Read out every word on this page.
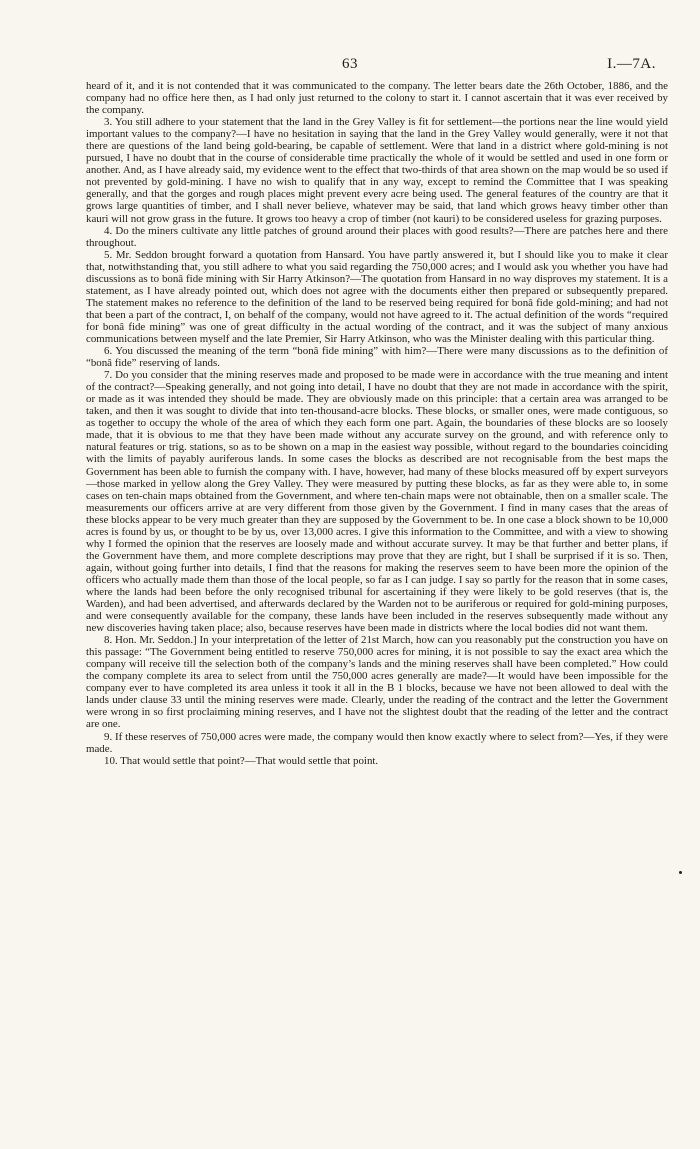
63	I.—7A.

heard of it, and it is not contended that it was communicated to the company. The letter bears date the 26th October, 1886, and the company had no office here then, as I had only just returned to the colony to start it. I cannot ascertain that it was ever received by the company.

3. You still adhere to your statement that the land in the Grey Valley is fit for settlement—the portions near the line would yield important values to the company?—I have no hesitation in saying that the land in the Grey Valley would generally, were it not that there are questions of the land being gold-bearing, be capable of settlement. Were that land in a district where gold-mining is not pursued, I have no doubt that in the course of considerable time practically the whole of it would be settled and used in one form or another. And, as I have already said, my evidence went to the effect that two-thirds of that area shown on the map would be so used if not prevented by gold-mining. I have no wish to qualify that in any way, except to remind the Committee that I was speaking generally, and that the gorges and rough places might prevent every acre being used. The general features of the country are that it grows large quantities of timber, and I shall never believe, whatever may be said, that land which grows heavy timber other than kauri will not grow grass in the future. It grows too heavy a crop of timber (not kauri) to be considered useless for grazing purposes.

4. Do the miners cultivate any little patches of ground around their places with good results?—There are patches here and there throughout.

5. Mr. Seddon brought forward a quotation from Hansard. You have partly answered it, but I should like you to make it clear that, notwithstanding that, you still adhere to what you said regarding the 750,000 acres; and I would ask you whether you have had discussions as to bonâ fide mining with Sir Harry Atkinson?—The quotation from Hansard in no way disproves my statement. It is a statement, as I have already pointed out, which does not agree with the documents either then prepared or subsequently prepared. The statement makes no reference to the definition of the land to be reserved being required for bonâ fide gold-mining; and had not that been a part of the contract, I, on behalf of the company, would not have agreed to it. The actual definition of the words “required for bonâ fide mining” was one of great difficulty in the actual wording of the contract, and it was the subject of many anxious communications between myself and the late Premier, Sir Harry Atkinson, who was the Minister dealing with this particular thing.

6. You discussed the meaning of the term “bonâ fide mining” with him?—There were many discussions as to the definition of “bonâ fide” reserving of lands.

7. Do you consider that the mining reserves made and proposed to be made were in accordance with the true meaning and intent of the contract?—Speaking generally, and not going into detail, I have no doubt that they are not made in accordance with the spirit, or made as it was intended they should be made. They are obviously made on this principle: that a certain area was arranged to be taken, and then it was sought to divide that into ten-thousand-acre blocks. These blocks, or smaller ones, were made contiguous, so as together to occupy the whole of the area of which they each form one part. Again, the boundaries of these blocks are so loosely made, that it is obvious to me that they have been made without any accurate survey on the ground, and with reference only to natural features or trig. stations, so as to be shown on a map in the easiest way possible, without regard to the boundaries coinciding with the limits of payably auriferous lands. In some cases the blocks as described are not recognisable from the best maps the Government has been able to furnish the company with. I have, however, had many of these blocks measured off by expert surveyors—those marked in yellow along the Grey Valley. They were measured by putting these blocks, as far as they were able to, in some cases on ten-chain maps obtained from the Government, and where ten-chain maps were not obtainable, then on a smaller scale. The measurements our officers arrive at are very different from those given by the Government. I find in many cases that the areas of these blocks appear to be very much greater than they are supposed by the Government to be. In one case a block shown to be 10,000 acres is found by us, or thought to be by us, over 13,000 acres. I give this information to the Committee, and with a view to showing why I formed the opinion that the reserves are loosely made and without accurate survey. It may be that further and better plans, if the Government have them, and more complete descriptions may prove that they are right, but I shall be surprised if it is so. Then, again, without going further into details, I find that the reasons for making the reserves seem to have been more the opinion of the officers who actually made them than those of the local people, so far as I can judge. I say so partly for the reason that in some cases, where the lands had been before the only recognised tribunal for ascertaining if they were likely to be gold reserves (that is, the Warden), and had been advertised, and afterwards declared by the Warden not to be auriferous or required for gold-mining purposes, and were consequently available for the company, these lands have been included in the reserves subsequently made without any new discoveries having taken place; also, because reserves have been made in districts where the local bodies did not want them.

8. Hon. Mr. Seddon.] In your interpretation of the letter of 21st March, how can you reasonably put the construction you have on this passage: “The Government being entitled to reserve 750,000 acres for mining, it is not possible to say the exact area which the company will receive till the selection both of the company’s lands and the mining reserves shall have been completed.” How could the company complete its area to select from until the 750,000 acres generally are made?—It would have been impossible for the company ever to have completed its area unless it took it all in the B 1 blocks, because we have not been allowed to deal with the lands under clause 33 until the mining reserves were made. Clearly, under the reading of the contract and the letter the Government were wrong in so first proclaiming mining reserves, and I have not the slightest doubt that the reading of the letter and the contract are one.

9. If these reserves of 750,000 acres were made, the company would then know exactly where to select from?—Yes, if they were made.

10. That would settle that point?—That would settle that point.
